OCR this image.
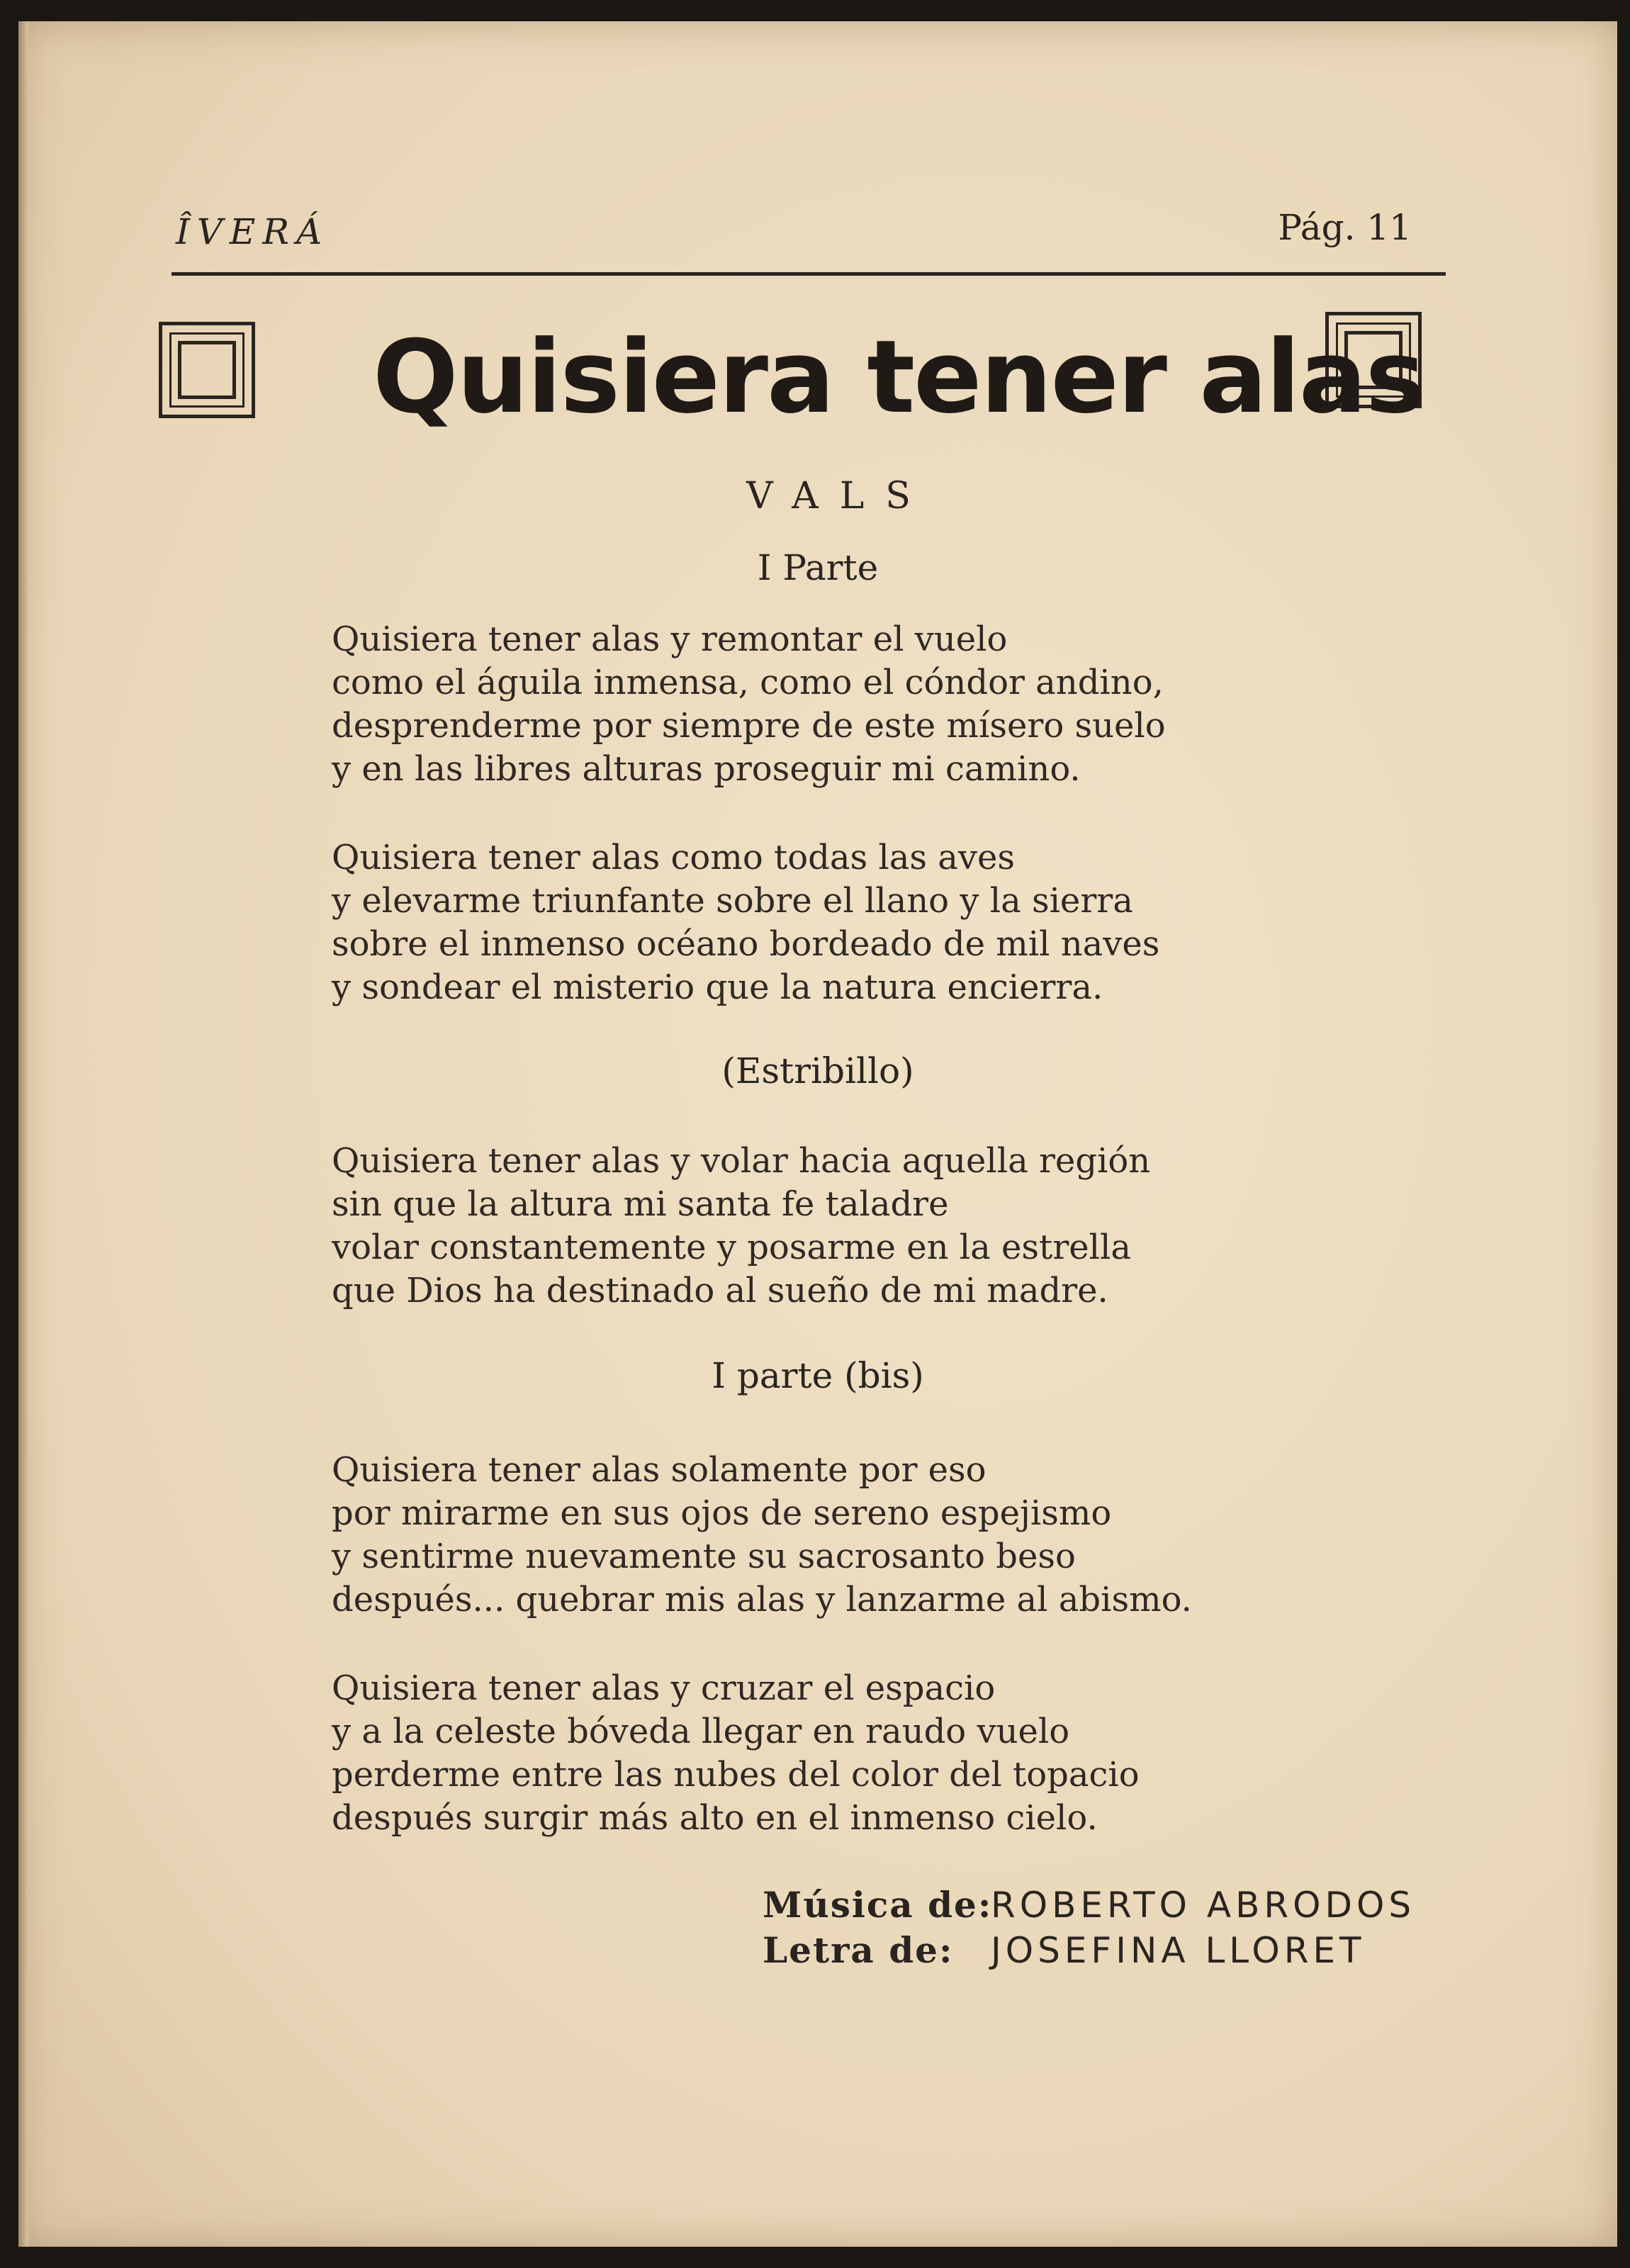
ÎVERÁ	Pág. 11
Quisiera tener alas
VALS
I Parte
Quisiera tener alas y remontar el vuelo
como el águila inmensa, como el cóndor andino,
desprenderme por siempre de este mísero suelo
y en las libres alturas proseguir mi camino.
Quisiera tener alas como todas las aves
y elevarme triunfante sobre el llano y la sierra
sobre el inmenso océano bordeado de mil naves
y sondear el misterio que la natura encierra.
(Estribillo)
Quisiera tener alas y volar hacia aquella región
sin que la altura mi santa fe taladre
volar constantemente y posarme en la estrella
que Dios ha destinado al sueño de mi madre.
I parte (bis)
Quisiera tener alas solamente por eso
por mirarme en sus ojos de sereno espejismo
y sentirme nuevamente su sacrosanto beso
después... quebrar mis alas y lanzarme al abismo.
Quisiera tener alas y cruzar el espacio
y a la celeste bóveda llegar en raudo vuelo
perderme entre las nubes del color del topacio
después surgir más alto en el inmenso cielo.
Música de:ROBERTO ABRODOS
Letra de: JOSEFINA LLORET
